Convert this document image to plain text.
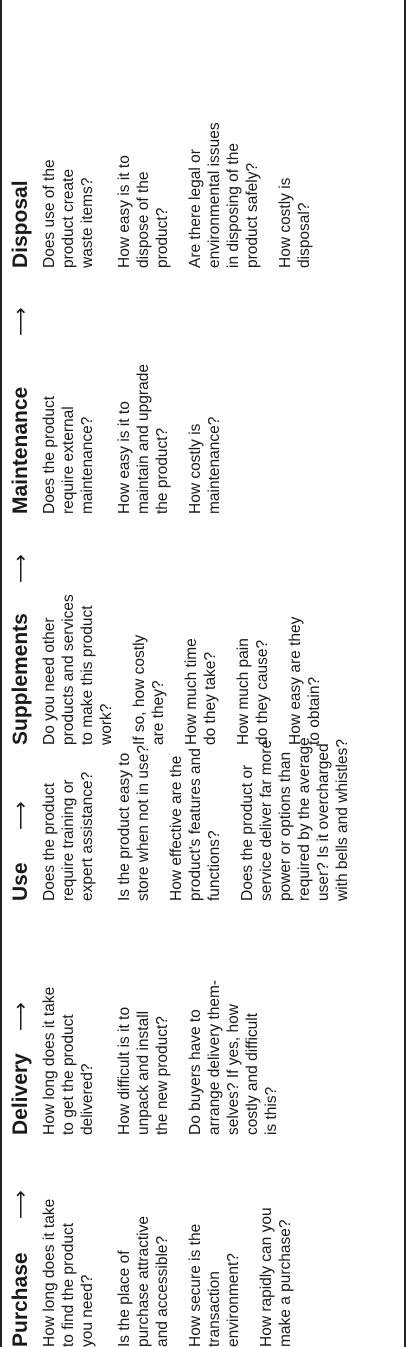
Purchase
⟶
Delivery
⟶
Use
⟶
Supplements
⟶
Maintenance
⟶
Disposal

How long does it take
to find the product
you need?

Is the place of
purchase attractive
and accessible?

How secure is the
transaction
environment? How rapidly can you
make a purchase?

How long does it take
to get the product
delivered? How difficult is it to
unpack and install
the new product?

Do buyers have to
arrange delivery them-
selves? If yes, how
costly and difficult
is this?

Does the product
require training or
expert assistance?

Is the product easy to
store when not in use?

How effective are the
product's features and
functions? Does the product or
service deliver far more
power or options than
required by the average
user? Is it overcharged
with bells and whistles?

Do you need other
products and services
to make this product
work? If so, how costly
are they?

How much time
do they take?

How much pain
do they cause?

How easy are they
to obtain?

Does the product
require external
maintenance? How easy is it to
maintain and upgrade
the product?

How costly is
maintenance?

Does use of the
product create
waste items?

How easy is it to
dispose of the
product? Are there legal or
environmental issues
in disposing of the
product safely?

How costly is
disposal?
